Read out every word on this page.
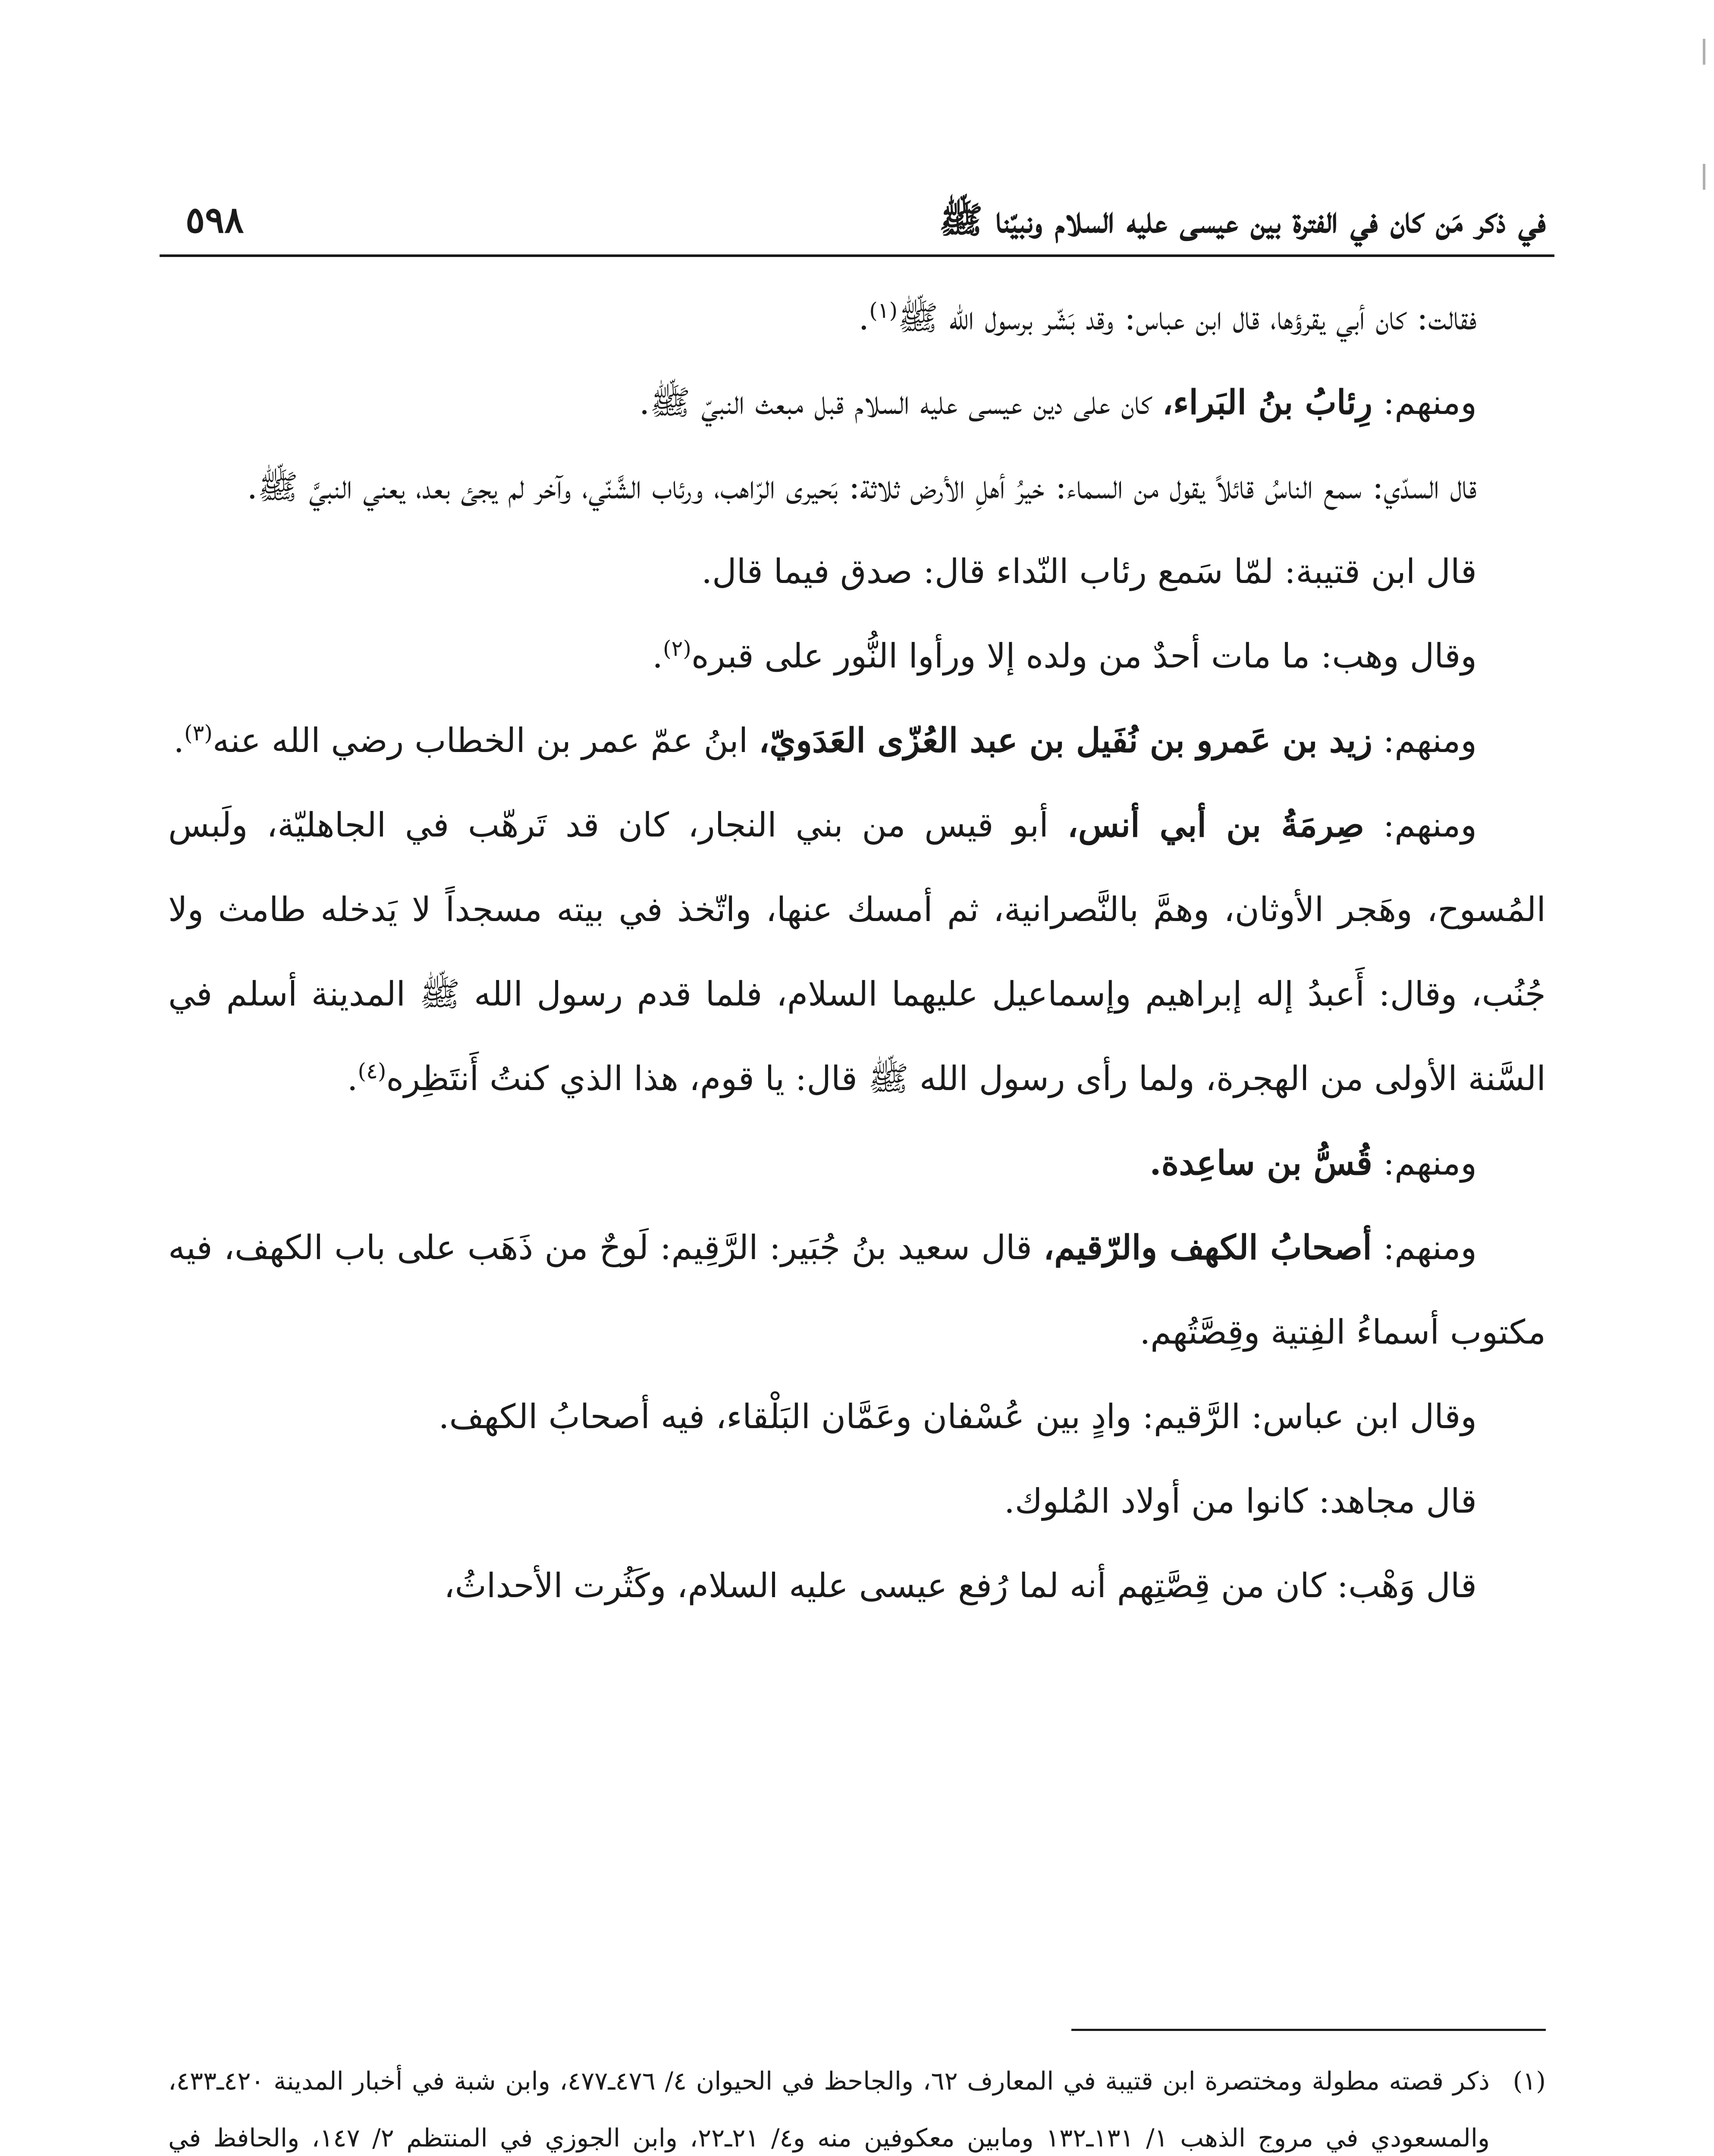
في ذكر مَن كان في الفترة بين عيسى عليه السلام ونبيّنا ﷺ
٥٩٨

فقالت: كان أبي يقرؤها، قال ابن عباس: وقد بَشّر برسول الله ﷺ$^{(١)}$.

ومنهم: رِئابُ بنُ البَراء، كان على دين عيسى عليه السلام قبل مبعث النبيّ ﷺ.

قال السدّي: سمع الناسُ قائلاً يقول من السماء: خيرُ أهلِ الأرض ثلاثة: بَحيرى الرّاهب، ورئاب الشَّنّي، وآخر لم يجئ بعد، يعني النبيَّ ﷺ.

قال ابن قتيبة: لمّا سَمع رئاب النّداء قال: صدق فيما قال.

وقال وهب: ما مات أحدٌ من ولده إلا ورأوا النُّور على قبره$^{(٢)}$.

ومنهم: زيد بن عَمرو بن نُفَيل بن عبد العُزّى العَدَويّ، ابنُ عمّ عمر بن الخطاب رضي الله عنه$^{(٣)}$.

ومنهم: صِرمَةُ بن أبي أنس، أبو قيس من بني النجار، كان قد تَرهّب في الجاهليّة، ولَبس المُسوح، وهَجر الأوثان، وهمَّ بالنَّصرانية، ثم أمسك عنها، واتّخذ في بيته مسجداً لا يَدخله طامث ولا جُنُب، وقال: أَعبدُ إله إبراهيم وإسماعيل عليهما السلام، فلما قدم رسول الله ﷺ المدينة أسلم في السَّنة الأولى من الهجرة، ولما رأى رسول الله ﷺ قال: يا قوم، هذا الذي كنتُ أَنتَظِره$^{(٤)}$.

ومنهم: قُسُّ بن ساعِدة.

ومنهم: أصحابُ الكهف والرّقيم، قال سعيد بنُ جُبَير: الرَّقِيم: لَوحٌ من ذَهَب على باب الكهف، فيه مكتوب أسماءُ الفِتية وقِصَّتُهم.

وقال ابن عباس: الرَّقيم: وادٍ بين عُسْفان وعَمَّان البَلْقاء، فيه أصحابُ الكهف.

قال مجاهد: كانوا من أولاد المُلوك.

قال وَهْب: كان من قِصَّتِهم أنه لما رُفع عيسى عليه السلام، وكَثُرت الأحداثُ،

(١)
ذكر قصته مطولة ومختصرة ابن قتيبة في المعارف ٦٢، والجاحظ في الحيوان ٤/ ٤٧٦ـ٤٧٧، وابن شبة في أخبار المدينة ٤٢٠ـ٤٣٣، والمسعودي في مروج الذهب ١/ ١٣١ـ١٣٢ ومابين معكوفين منه و٤/ ٢١ـ٢٢، وابن الجوزي في المنتظم ٢/ ١٤٧، والحافظ في
